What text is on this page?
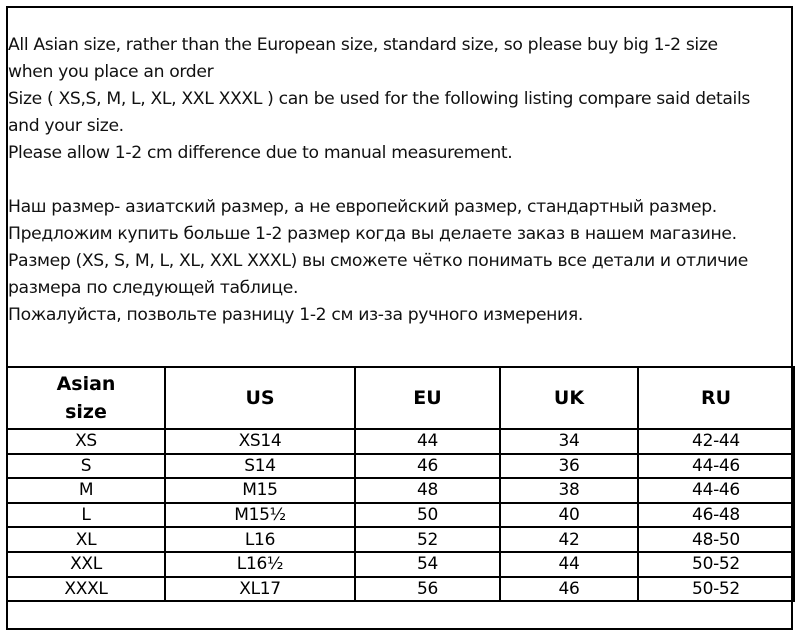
All Asian size, rather than the European size, standard size, so please buy big 1-2 size

when you place an order

Size ( XS,S, M, L, XL, XXL XXXL ) can be used for the following listing compare said details

and your size.

Please allow 1-2 cm difference due to manual measurement.

Наш размер- азиатский размер, а не европейский размер, стандартный размер.

Предложим купить больше 1-2 размер когда вы делаете заказ в нашем магазине.

Размер (XS, S, M, L, XL, XXL XXXL) вы сможете чётко понимать все детали и отличие

размера по следующей таблице.

Пожалуйста, позвольте разницу 1-2 см из-за ручного измерения.

Asian size	US	EU	UK	RU
XS	XS14	44	34	42-44
S	S14	46	36	44-46
M	M15	48	38	44-46
L	M15½	50	40	46-48
XL	L16	52	42	48-50
XXL	L16½	54	44	50-52
XXXL	XL17	56	46	50-52
